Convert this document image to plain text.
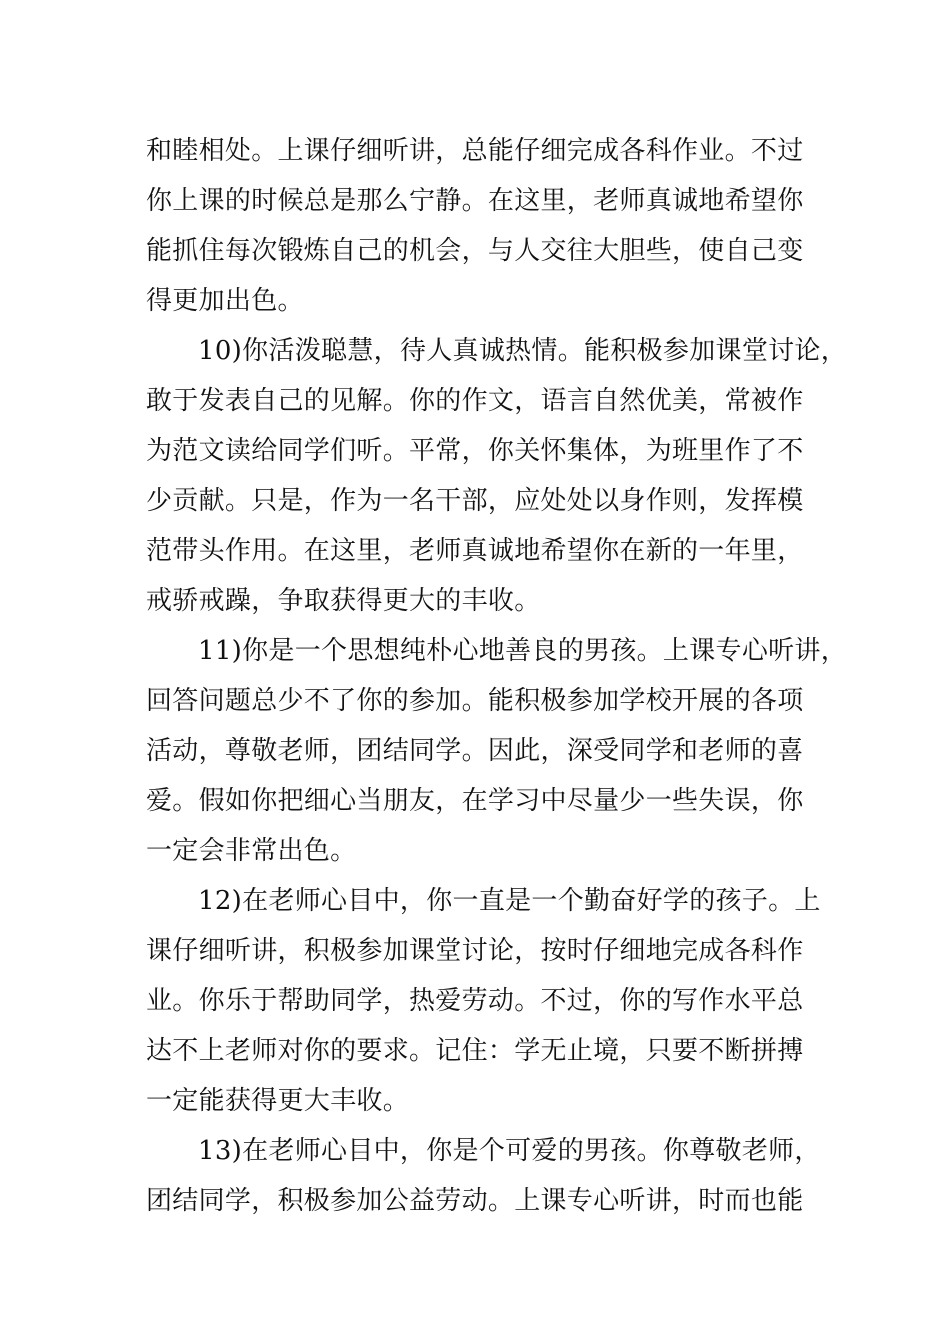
和睦相处。上课仔细听讲，总能仔细完成各科作业。不过
你上课的时候总是那么宁静。在这里，老师真诚地希望你
能抓住每次锻炼自己的机会，与人交往大胆些，使自己变
得更加出色。
10)你活泼聪慧，待人真诚热情。能积极参加课堂讨论，
敢于发表自己的见解。你的作文，语言自然优美，常被作
为范文读给同学们听。平常，你关怀集体，为班里作了不
少贡献。只是，作为一名干部，应处处以身作则，发挥模
范带头作用。在这里，老师真诚地希望你在新的一年里，
戒骄戒躁，争取获得更大的丰收。
11)你是一个思想纯朴心地善良的男孩。上课专心听讲，
回答问题总少不了你的参加。能积极参加学校开展的各项
活动，尊敬老师，团结同学。因此，深受同学和老师的喜
爱。假如你把细心当朋友，在学习中尽量少一些失误，你
一定会非常出色。
12)在老师心目中，你一直是一个勤奋好学的孩子。上
课仔细听讲，积极参加课堂讨论，按时仔细地完成各科作
业。你乐于帮助同学，热爱劳动。不过，你的写作水平总
达不上老师对你的要求。记住：学无止境，只要不断拼搏
一定能获得更大丰收。
13)在老师心目中，你是个可爱的男孩。你尊敬老师，
团结同学，积极参加公益劳动。上课专心听讲，时而也能
